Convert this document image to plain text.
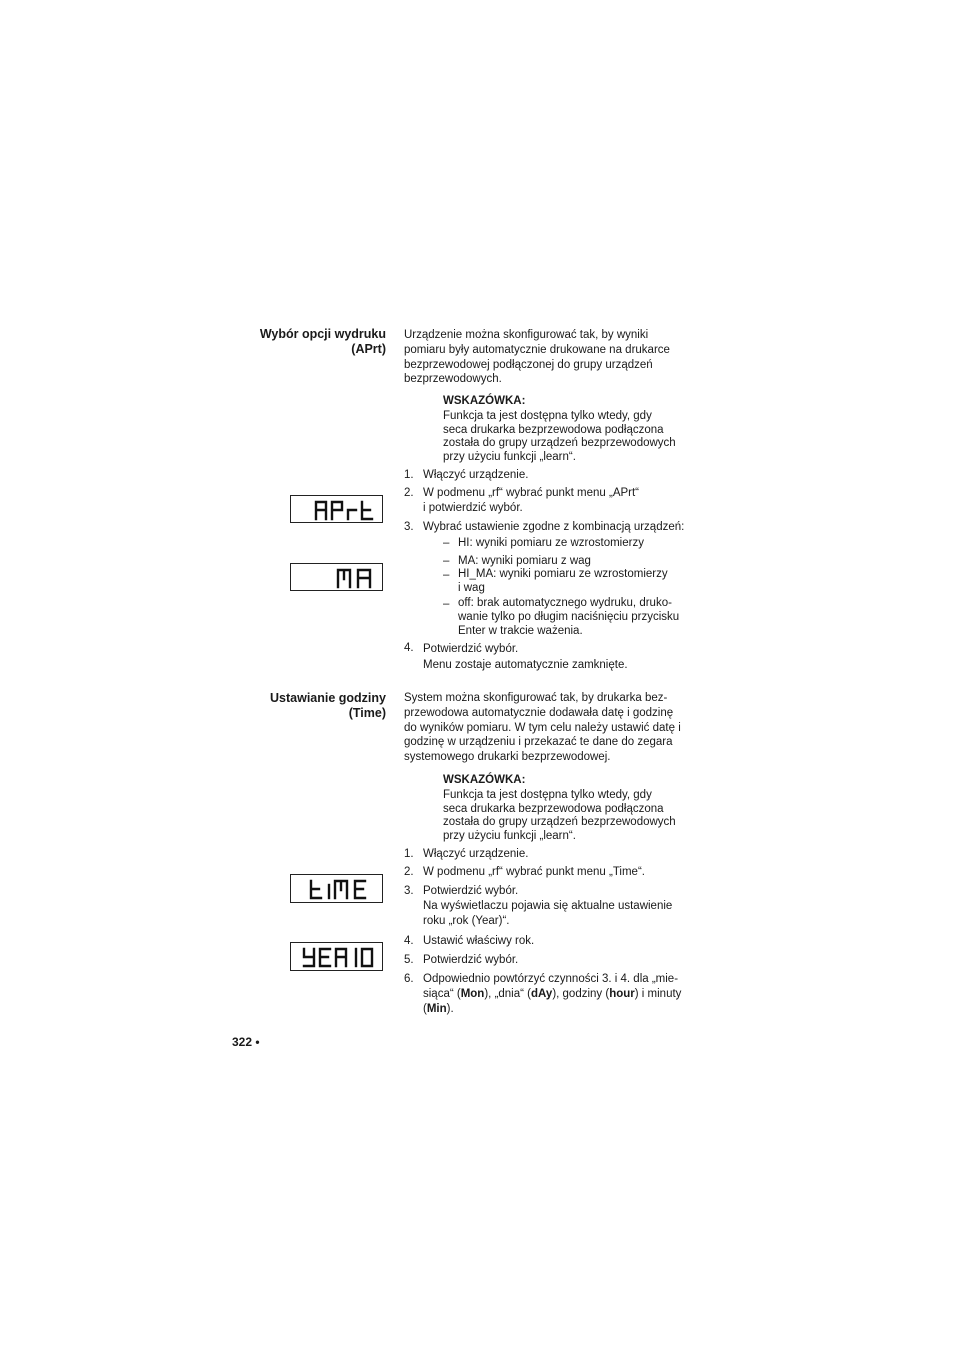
Wybór opcji wydruku
(APrt)
Urządzenie można skonfigurować tak, by wyniki
pomiaru były automatycznie drukowane na drukarce
bezprzewodowej podłączonej do grupy urządzeń
bezprzewodowych.
WSKAZÓWKA:
Funkcja ta jest dostępna tylko wtedy, gdy
seca drukarka bezprzewodowa podłączona
została do grupy urządzeń bezprzewodowych
przy użyciu funkcji „learn“.
1. Włączyć urządzenie.
2. W podmenu „rf“ wybrać punkt menu „APrt“
i potwierdzić wybór.
3. Wybrać ustawienie zgodne z kombinacją urządzeń:
– HI: wyniki pomiaru ze wzrostomierzy
– MA: wyniki pomiaru z wag
– HI_MA: wyniki pomiaru ze wzrostomierzy
i wag
– off: brak automatycznego wydruku, druko-
wanie tylko po długim naciśnięciu przycisku
Enter w trakcie ważenia.
4. Potwierdzić wybór.
Menu zostaje automatycznie zamknięte.
Ustawianie godziny
(Time)
System można skonfigurować tak, by drukarka bez-
przewodowa automatycznie dodawała datę i godzinę
do wyników pomiaru. W tym celu należy ustawić datę i
godzinę w urządzeniu i przekazać te dane do zegara
systemowego drukarki bezprzewodowej.
WSKAZÓWKA:
Funkcja ta jest dostępna tylko wtedy, gdy
seca drukarka bezprzewodowa podłączona
została do grupy urządzeń bezprzewodowych
przy użyciu funkcji „learn“.
1. Włączyć urządzenie.
2. W podmenu „rf“ wybrać punkt menu „Time“.
3. Potwierdzić wybór.
Na wyświetlaczu pojawia się aktualne ustawienie
roku „rok (Year)“.
4. Ustawić właściwy rok.
5. Potwierdzić wybór.
6. Odpowiednio powtórzyć czynności 3. i 4. dla „mie-
siąca“ (Mon), „dnia“ (dAy), godziny (hour) i minuty
(Min).
322 •
